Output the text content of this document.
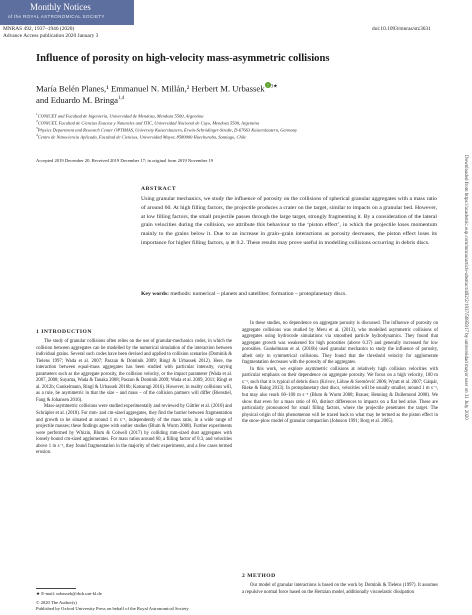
Monthly Notices
of the ROYAL ASTRONOMICAL SOCIETY
MNRAS 492, 1937–1946 (2020)
Advance Access publication 2020 January 3
doi:10.1093/mnras/stz3631
Influence of porosity on high-velocity mass-asymmetric collisions
María Belén Planes,¹ Emmanuel N. Millán,² Herbert M. Urbassek i $^{3★}$
and Eduardo M. Bringa$^{1,4}$
$^1$CONICET and Facultad de Ingeniería, Universidad de Mendoza, Mendoza 5500, Argentina
$^2$CONICET, Facultad de Ciencias Exactas y Naturales and ITIC, Universidad Nacional de Cuyo, Mendoza 5500, Argentina
$^3$Physics Department and Research Center OPTIMAS, University Kaiserslautern, Erwin-Schrödinger-Straße, D-67663 Kaiserslautern, Germany
$^4$Centro de Nanociencia Aplicada, Facultad de Ciencias, Universidad Mayor, 8580000 Huechuraba, Santiago, Chile
Accepted 2019 December 20. Received 2019 December 17; in original form 2019 November 19
ABSTRACT
Using granular mechanics, we study the influence of porosity on the collisions of spherical granular aggregates with a mass ratio of around 60. At high filling factors, the projectile produces a crater on the target, similar to impacts on a granular bed. However, at low filling factors, the small projectile passes through the large target, strongly fragmenting it. By a consideration of the lateral grain velocities during the collision, we attribute this behaviour to the ‘piston effect’, in which the projectile loses momentum mainly to the grains below it. Due to an increase in grain–grain interactions as porosity decreases, the piston effect loses its importance for higher filling factors, φ ≳ 0.2. These results may prove useful in modelling collisions occurring in debris discs.
Key words: methods: numerical – planets and satellites: formation – protoplanetary discs.
1 INTRODUCTION

The study of granular collisions often relies on the use of granular-mechanics codes, in which the collision between aggregates can be modelled by the numerical simulation of the interaction between individual grains. Several such codes have been devised and applied to collision scenarios (Dominik & Tielens 1997; Wada et al. 2007; Paszun & Dominik 2009; Ringl & Urbassek 2012). Here, the interaction between equal-mass aggregates has been studied with particular intensity, varying parameters such as the aggregate porosity, the collision velocity, or the impact parameter (Wada et al. 2007, 2008; Suyama, Wada & Tanaka 2008; Paszun & Dominik 2009; Wada et al. 2009, 2011; Ringl et al. 2012b; Gunkelmann, Ringl & Urbassek 2016b; Katsuragi 2016). However, in reality collisions will, as a rule, be asymmetric in that the size – and mass – of the collision partners will differ (Bienstiel, Fang & Johansen 2016).

Mass-asymmetric collisions were studied experimentally and reviewed by Güttler et al. (2010) and Schräpler et al. (2018). For mm- and cm-sized aggregates, they find the barrier between fragmentation and growth to be situated at around 1 m s⁻¹, independently of the mass ratio, in a wide range of projectile masses; these findings agree with earlier studies (Blum & Wurm 2008). Further experiments were performed by Whizin, Blum & Colwell (2017) by colliding mm-sized dust aggregates with loosely bound cm-sized agglomerates. For mass ratios around 60, a filling factor of 0.3, and velocities above 1 m s⁻¹, they found fragmentation in the majority of their experiments, and a few cases termed erosion.

★ E-mail: urbassek@rhrk.uni-kl.de
© 2020 The Author(s)
Published by Oxford University Press on behalf of the Royal Astronomical Society

In these studies, no dependence on aggregate porosity is discussed. The influence of porosity on aggregate collisions was studied by Meru et al. (2013), who modelled asymmetric collisions of aggregates using hydrocode simulations via smoothed particle hydrodynamics. They found that aggregate growth was weakened for high porosities (above 0.37) and generally increased for low porosities. Gunkelmann et al. (2016b) used granular mechanics to study the influence of porosity, albeit only in symmetrical collisions. They found that the threshold velocity for agglomerate fragmentation decreases with the porosity of the aggregates.

In this work, we explore asymmetric collisions at relatively high collision velocities with particular emphasis on their dependence on aggregate porosity. We focus on a high velocity, 100 m s⁻¹, such that it is typical of debris discs (Krivov, Löhne & Sremčević 2006; Wyatt et al. 2007; Gáspár, Rieke & Balog 2013). In protoplanetary dust discs, velocities will be usually smaller, around 1 m s⁻¹, but may also reach 60–100 m s⁻¹ (Blum & Wurm 2008; Brauer, Henning & Dullemond 2008). We show that even for a mass ratio of 60, distinct differences to impacts on a flat bed arise. These are particularly pronounced for small filling factors, where the projectile penetrates the target. The physical origin of this phenomenon will be traced back to what may be termed as the piston effect in the snow-plow model of granular compaction (Johnson 1991; Borg et al. 2005).

2 METHOD

Our model of granular interactions is based on the work by Dominik & Tielens (1997). It assumes a repulsive normal force based on the Hertzian model, additionally viscoelastic dissipation

Downloaded from https://academic.oup.com/mnras/article-abstract/492/2/1937/5695917 by universidad mayor user on 31 July 2020
